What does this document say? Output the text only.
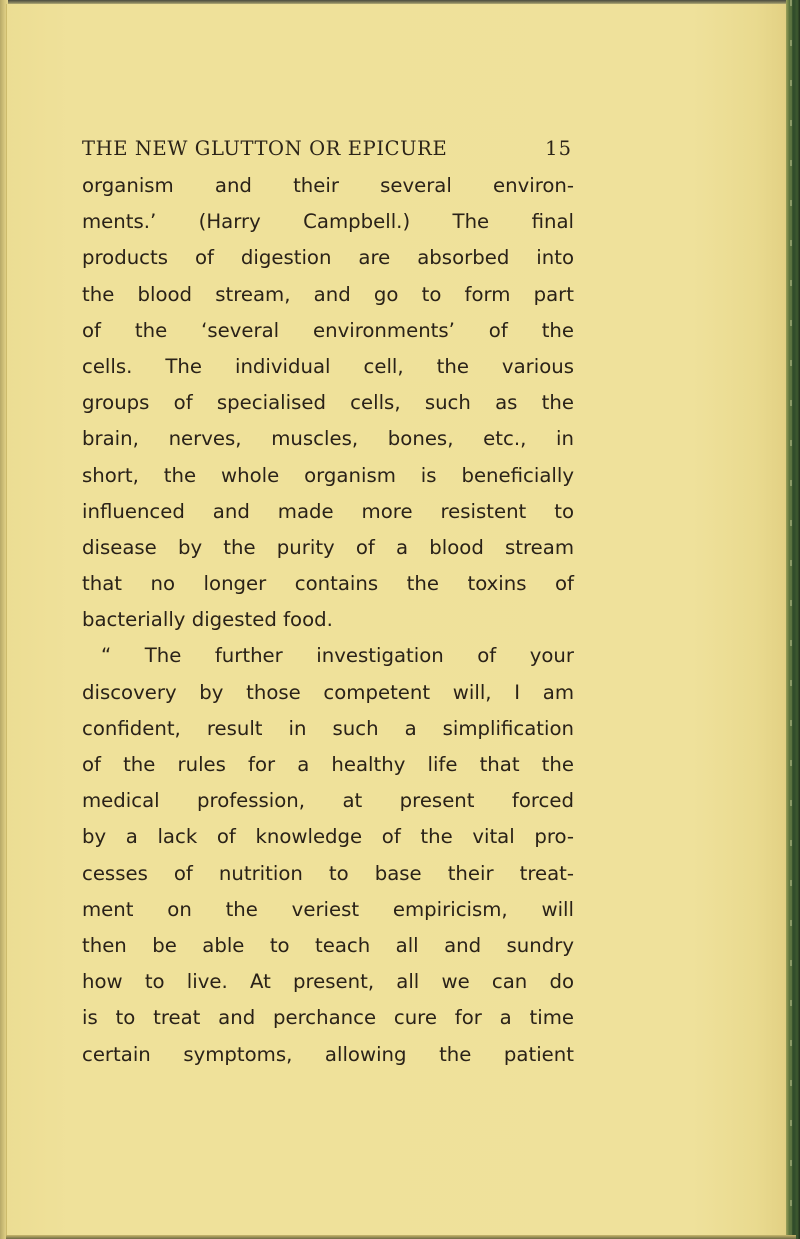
THE NEW GLUTTON OR EPICURE	15
organism and their several environ-
ments.’ (Harry Campbell.) The final
products of digestion are absorbed into
the blood stream, and go to form part
of the ‘several environments’ of the
cells. The individual cell, the various
groups of specialised cells, such as the
brain, nerves, muscles, bones, etc., in
short, the whole organism is beneficially
influenced and made more resistent to
disease by the purity of a blood stream
that no longer contains the toxins of
bacterially digested food.
“ The further investigation of your
discovery by those competent will, I am
confident, result in such a simplification
of the rules for a healthy life that the
medical profession, at present forced
by a lack of knowledge of the vital pro-
cesses of nutrition to base their treat-
ment on the veriest empiricism, will
then be able to teach all and sundry
how to live. At present, all we can do
is to treat and perchance cure for a time
certain symptoms, allowing the patient
